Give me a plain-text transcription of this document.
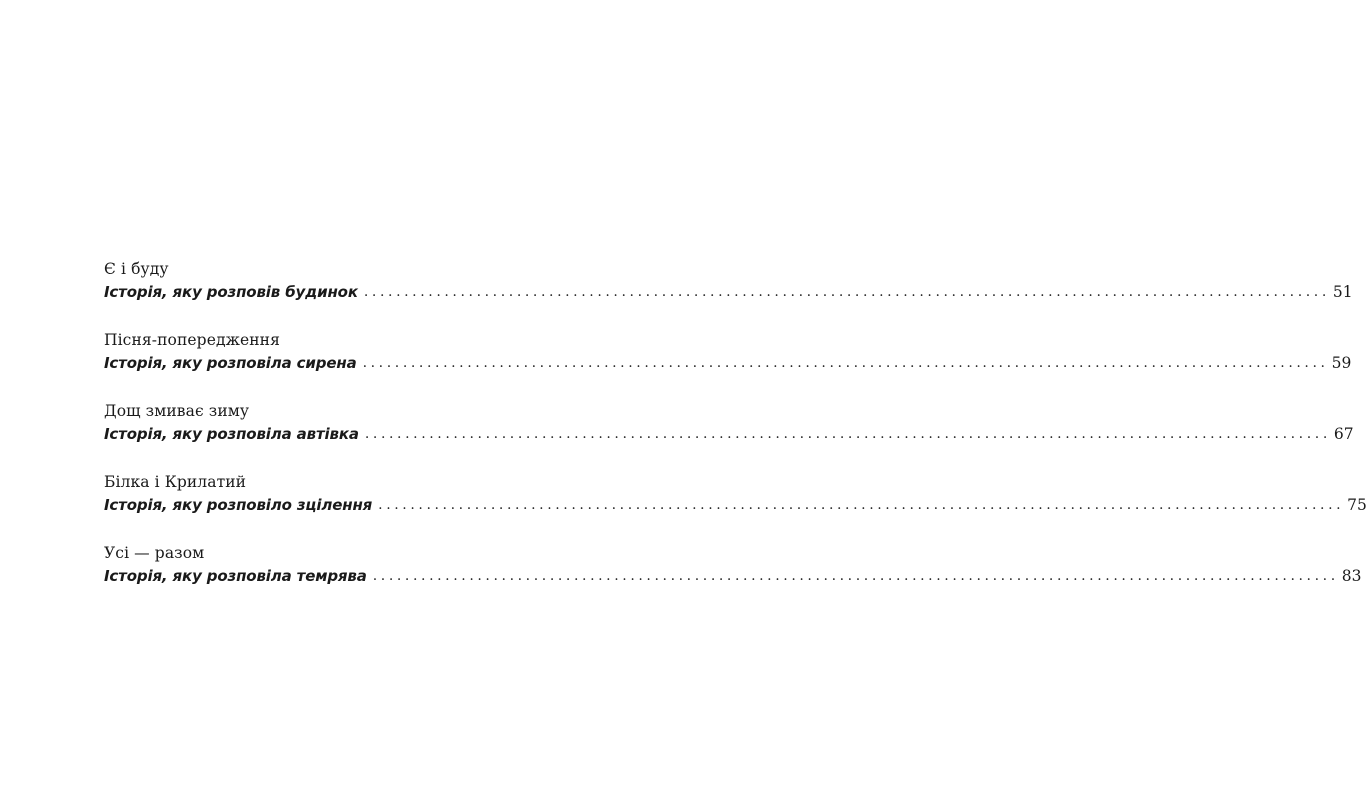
Є і буду
Історія, яку розповів будинок ........................................................................................................................ 51
Пісня-попередження
Історія, яку розповіла сирена ........................................................................................................................ 59
Дощ змиває зиму
Історія, яку розповіла автівка ........................................................................................................................ 67
Білка і Крилатий
Історія, яку розповіло зцілення ........................................................................................................................ 75
Усі — разом
Історія, яку розповіла темрява ........................................................................................................................ 83
